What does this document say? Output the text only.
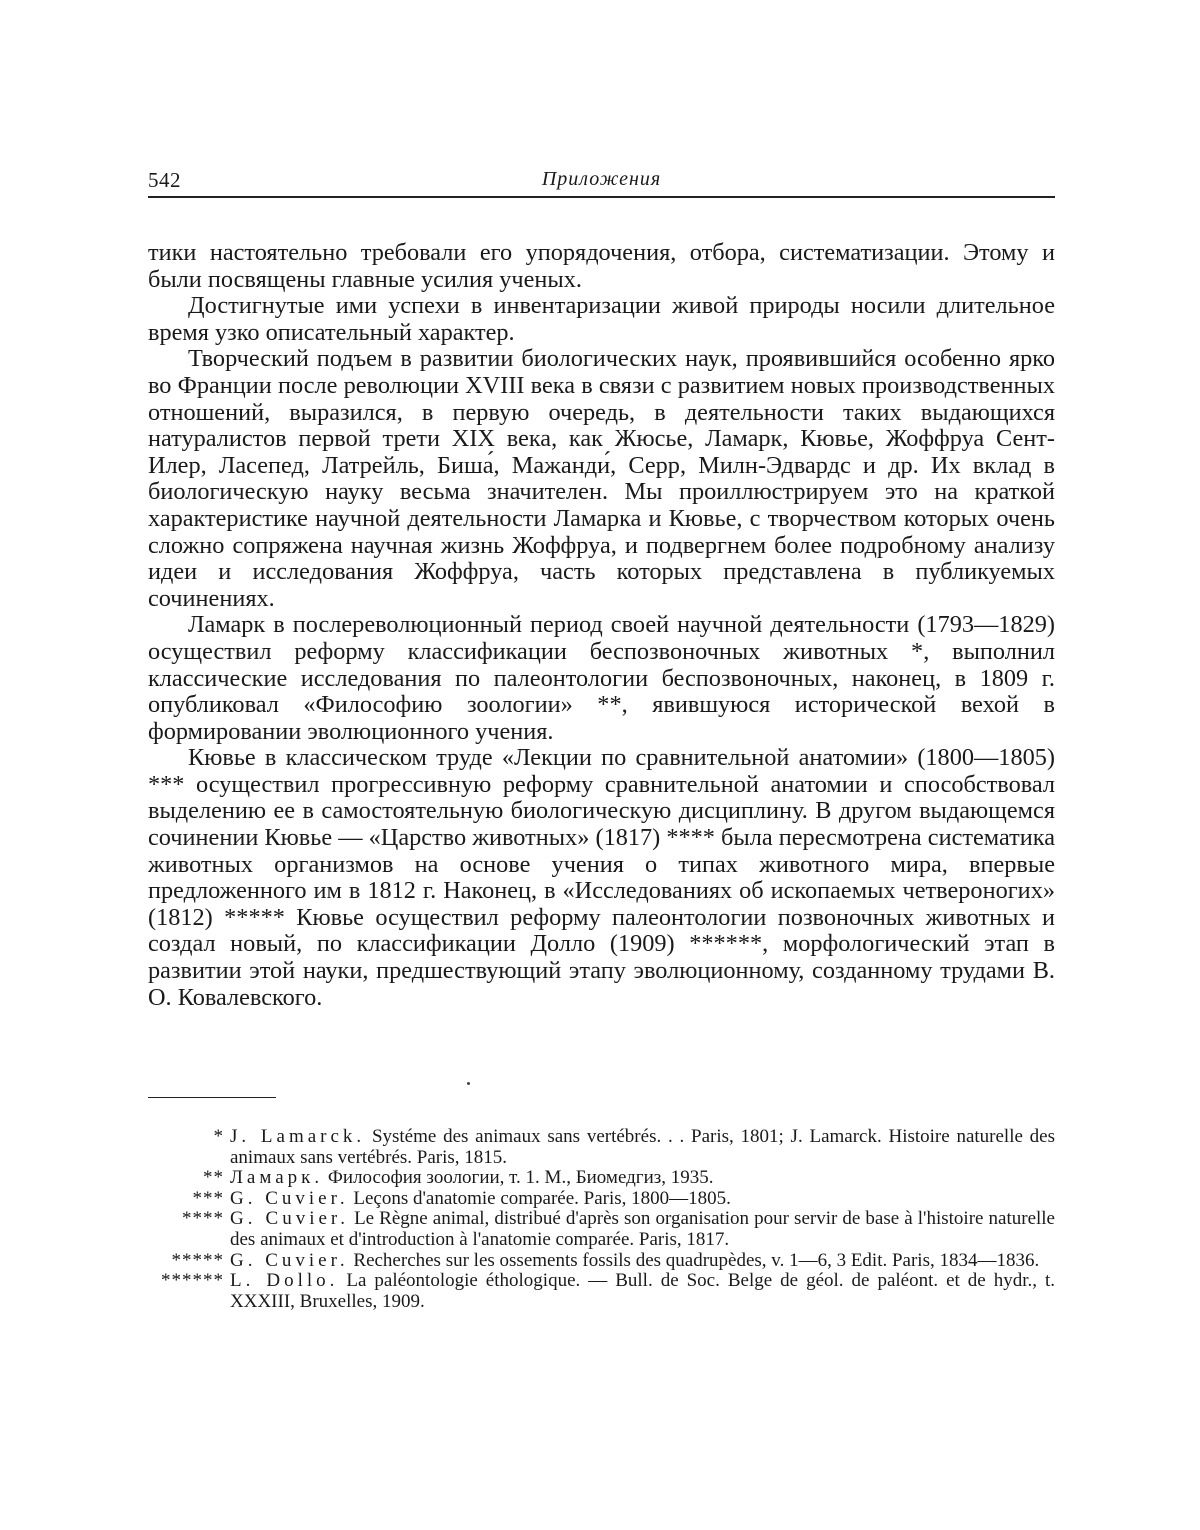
542	Приложения

тики настоятельно требовали его упорядочения, отбора, систематизации. Этому и были посвящены главные усилия ученых.

Достигнутые ими успехи в инвентаризации живой природы носили длительное время узко описательный характер.

Творческий подъем в развитии биологических наук, проявившийся особенно ярко во Франции после революции XVIII века в связи с развитием новых производственных отношений, выразился, в первую очередь, в деятельности таких выдающихся натуралистов первой трети XIX века, как Жюсье, Ламарк, Кювье, Жоффруа Сент-Илер, Ласепед, Латрейль, Биша́, Мажанди́, Серр, Милн-Эдвардс и др. Их вклад в биологическую науку весьма значителен. Мы проиллюстрируем это на краткой характеристике научной деятельности Ламарка и Кювье, с творчеством которых очень сложно сопряжена научная жизнь Жоффруа, и подвергнем более подробному анализу идеи и исследования Жоффруа, часть которых представлена в публикуемых сочинениях.

Ламарк в послереволюционный период своей научной деятельности (1793—1829) осуществил реформу классификации беспозвоночных животных *, выполнил классические исследования по палеонтологии беспозвоночных, наконец, в 1809 г. опубликовал «Философию зоологии» **, явившуюся исторической вехой в формировании эволюционного учения.

Кювье в классическом труде «Лекции по сравнительной анатомии» (1800—1805) *** осуществил прогрессивную реформу сравнительной анатомии и способствовал выделению ее в самостоятельную биологическую дисциплину. В другом выдающемся сочинении Кювье — «Царство животных» (1817) **** была пересмотрена систематика животных организмов на основе учения о типах животного мира, впервые предложенного им в 1812 г. Наконец, в «Исследованиях об ископаемых четвероногих» (1812) ***** Кювье осуществил реформу палеонтологии позвоночных животных и создал новый, по классификации Долло (1909) ******, морфологический этап в развитии этой науки, предшествующий этапу эволюционному, созданному трудами В. О. Ковалевского.

* J. Lamarck. Systéme des animaux sans vertébrés. . . Paris, 1801; J. Lamarck. Histoire naturelle des animaux sans vertébrés. Paris, 1815.
** Ламарк. Философия зоологии, т. 1. М., Биомедгиз, 1935.
*** G. Cuvier. Leçons d'anatomie comparée. Paris, 1800—1805.
**** G. Cuvier. Le Règne animal, distribué d'après son organisation pour servir de base à l'histoire naturelle des animaux et d'introduction à l'anatomie comparée. Paris, 1817.
***** G. Cuvier. Recherches sur les ossements fossils des quadrupèdes, v. 1—6, 3 Edit. Paris, 1834—1836.
****** L. Dollo. La paléontologie éthologique. — Bull. de Soc. Belge de géol. de paléont. et de hydr., t. XXXIII, Bruxelles, 1909.
